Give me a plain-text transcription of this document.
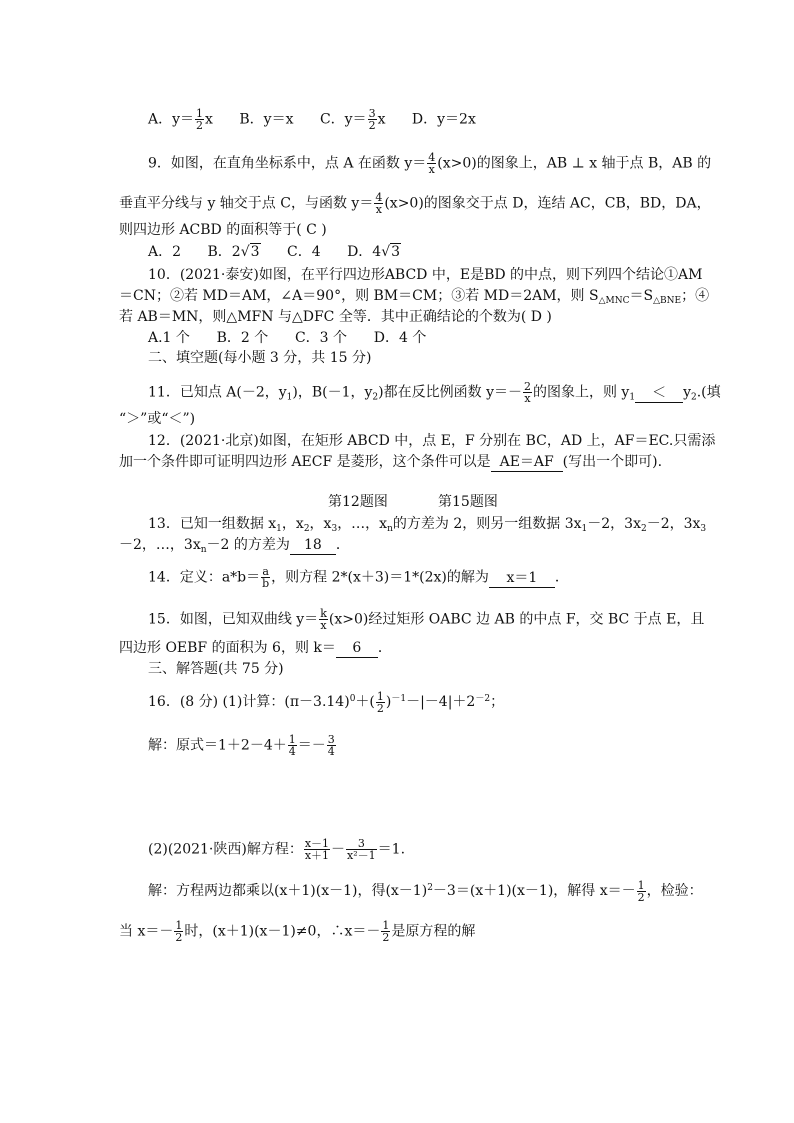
A．$y= \frac{1}{2}$ x B．y＝x C．$y= \frac{3}{2}$ x D．y＝2x
9．如图，在直角坐标系中，点 A 在函数 $y= \frac{4}{x} (x>0)$的图象上，AB ⊥ x 轴于点 B，AB 的
垂直平分线与 y 轴交于点 C，与函数 $y= \frac{4}{x} (x>0)$的图象交于点 D，连结 AC，CB，BD，DA，
则四边形 ACBD 的面积等于( C )
A．2 B．2√3 C．4 D．4√3
10．(2021·泰安)如图，在平行四边形ABCD 中，E是BD 的中点，则下列四个结论①AM
＝CN；②若 MD＝AM，∠A＝90°，则 BM＝CM；③若 MD＝2AM，则 $S_{\triangle MNC}=S_{\triangle BNE}$；④
若 AB＝MN，则△MFN 与△DFC 全等．其中正确结论的个数为( D )
A.1 个      B．2 个      C．3 个      D．4 个
二、填空题(每小题 3 分，共 15 分)
11．已知点 A(－2，$y_1$)，B(－1，$y_2$)都在反比例函数 $y=- \frac{2}{x}$ 的图象上，则 $y_1 < y_2$.(填
“＞”或“＜”)
12．(2021·北京)如图，在矩形 ABCD 中，点 E，F 分别在 BC，AD 上，AF＝EC.只需添
加一个条件即可证明四边形 AECF 是菱形，这个条件可以是 AE＝AF (写出一个即可).
第12题图	第15题图
13．已知一组数据 $x_1$，$x_2$，$x_3$，…，$x_n$的方差为 2，则另一组数据 $3x_1-2$，$3x_2-2$，$3x_3$
－2，…，$3x_n-2$ 的方差为 18 ．
14．定义：$a*b= \frac{a}{b}$ ，则方程 2*(x＋3)＝1*(2x)的解为 x＝1 ．
15．如图，已知双曲线 $y= \frac{k}{x} (x>0)$经过矩形 OABC 边 AB 的中点 F，交 BC 于点 E，且
四边形 OEBF 的面积为 6，则 k＝ 6 ．
三、解答题(共 75 分)
16．(8 分) (1)计算：$(\pi-3.14)^0+( \frac{1}{2} )^{-1}-|-4|+2^{-2}$；
解：原式$=1+2-4+ \frac{1}{4} =- \frac{3}{4}$
(2)(2021·陕西)解方程： $\frac{x-1}{x+1} - \frac{3}{\text{x²－1}} =1$.
解：方程两边都乘以(x＋1)(x－1)，得$(x-1)^2-3=(x+1)(x-1)$，解得 $x=- \frac{1}{2}$ ，检验：
当 $x=- \frac{1}{2}$ 时，(x＋1)(x－1)≠0，∴x＝－ $\frac{1}{2}$ 是原方程的解
